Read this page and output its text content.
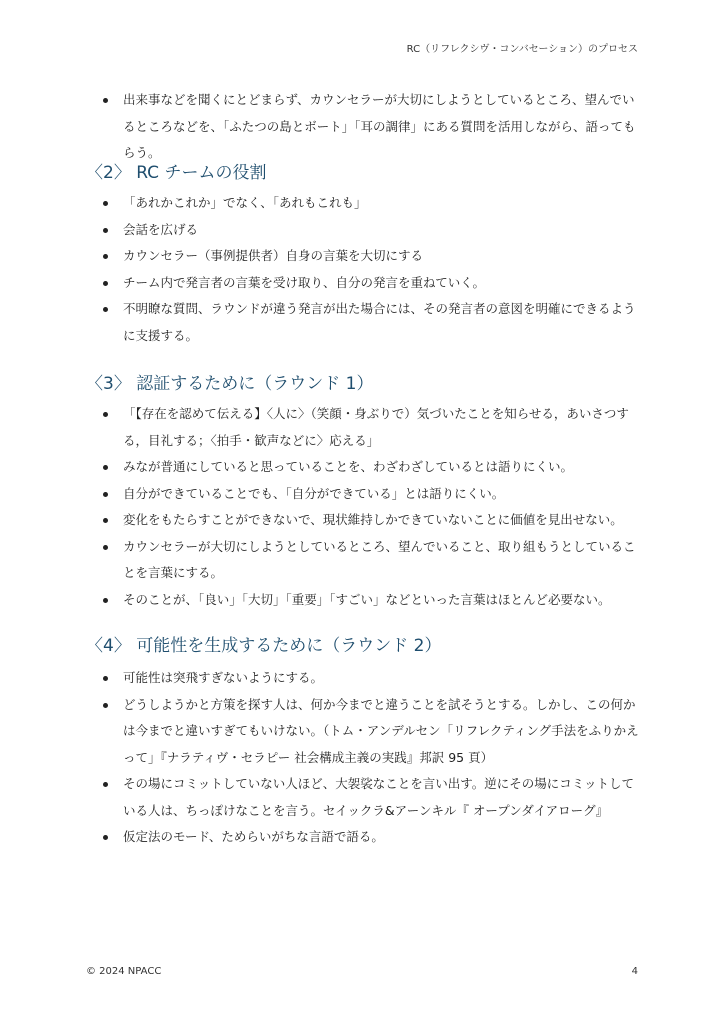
RC（リフレクシヴ・コンバセーション）のプロセス
出来事などを聞くにとどまらず、カウンセラーが大切にしようとしているところ、望んでいるところなどを、「ふたつの島とボート」「耳の調律」にある質問を活用しながら、語ってもらう。
〈2〉 RC チームの役割
「あれかこれか」でなく、「あれもこれも」
会話を広げる
カウンセラー（事例提供者）自身の言葉を大切にする
チーム内で発言者の言葉を受け取り、自分の発言を重ねていく。
不明瞭な質問、ラウンドが違う発言が出た場合には、その発言者の意図を明確にできるように支援する。
〈3〉 認証するために（ラウンド 1）
「【存在を認めて伝える】〈人に〉（笑顔・身ぶりで）気づいたことを知らせる，あいさつする，目礼する；〈拍手・歓声などに〉応える」
みなが普通にしていると思っていることを、わざわざしているとは語りにくい。
自分ができていることでも、「自分ができている」とは語りにくい。
変化をもたらすことができないで、現状維持しかできていないことに価値を見出せない。
カウンセラーが大切にしようとしているところ、望んでいること、取り組もうとしていることを言葉にする。
そのことが、「良い」「大切」「重要」「すごい」などといった言葉はほとんど必要ない。
〈4〉 可能性を生成するために（ラウンド 2）
可能性は突飛すぎないようにする。
どうしようかと方策を探す人は、何か今までと違うことを試そうとする。しかし、この何かは今までと違いすぎてもいけない。（トム・アンデルセン「リフレクティング手法をふりかえって」『ナラティヴ・セラピー 社会構成主義の実践』邦訳 95 頁）
その場にコミットしていない人ほど、大袈裟なことを言い出す。逆にその場にコミットしている人は、ちっぽけなことを言う。セイックラ&アーンキル『 オープンダイアローグ』
仮定法のモード、ためらいがちな言語で語る。
© 2024 NPACC	4
